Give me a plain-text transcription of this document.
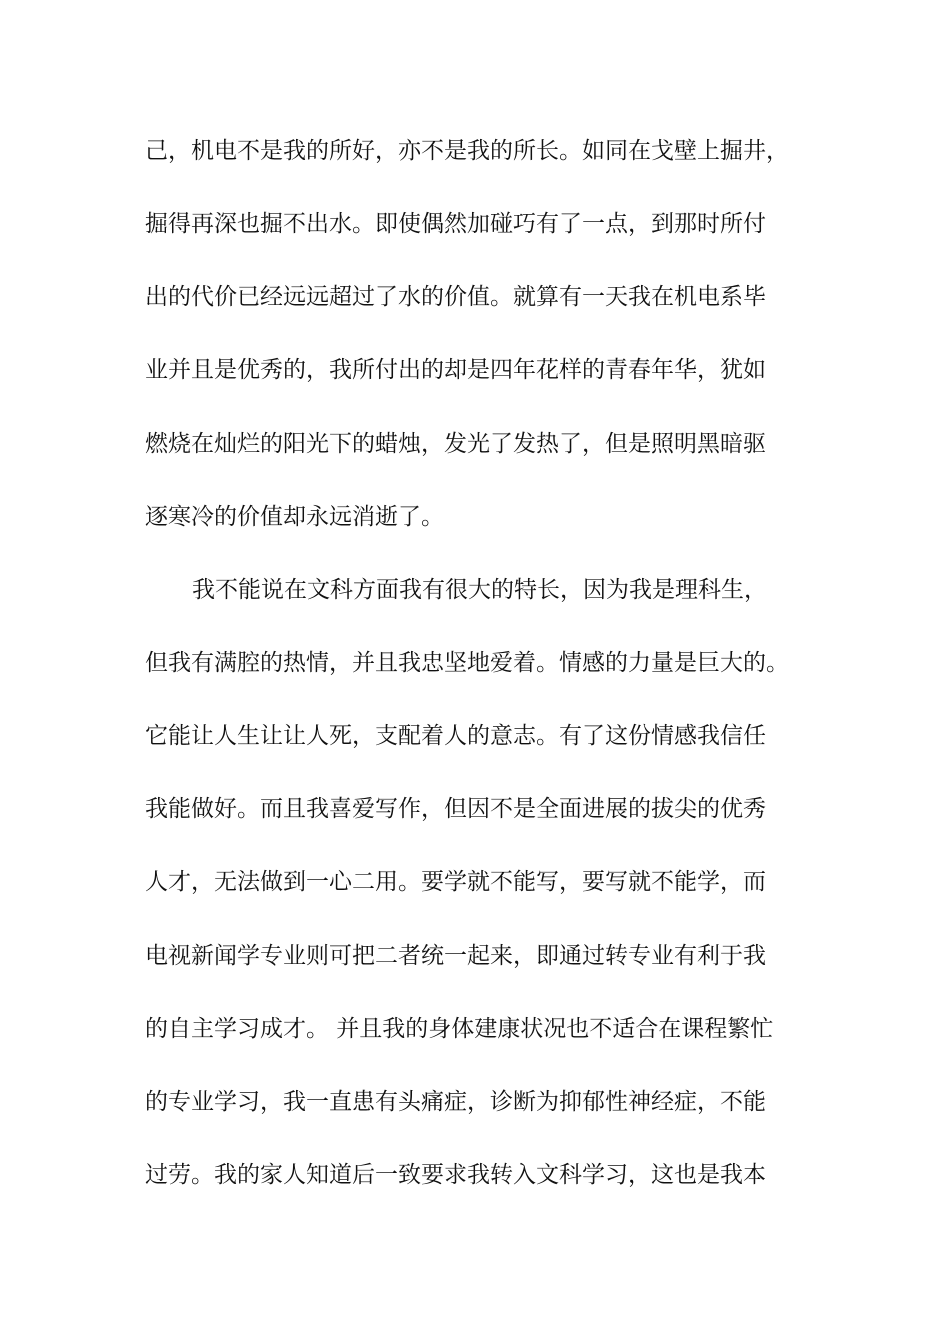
己，机电不是我的所好，亦不是我的所长。如同在戈壁上掘井，
掘得再深也掘不出水。即使偶然加碰巧有了一点，到那时所付
出的代价已经远远超过了水的价值。就算有一天我在机电系毕
业并且是优秀的，我所付出的却是四年花样的青春年华，犹如
燃烧在灿烂的阳光下的蜡烛，发光了发热了，但是照明黑暗驱
逐寒冷的价值却永远消逝了。
我不能说在文科方面我有很大的特长，因为我是理科生，
但我有满腔的热情，并且我忠坚地爱着。情感的力量是巨大的。
它能让人生让让人死，支配着人的意志。有了这份情感我信任
我能做好。而且我喜爱写作，但因不是全面进展的拔尖的优秀
人才，无法做到一心二用。要学就不能写，要写就不能学，而
电视新闻学专业则可把二者统一起来，即通过转专业有利于我
的自主学习成才。 并且我的身体建康状况也不适合在课程繁忙
的专业学习，我一直患有头痛症，诊断为抑郁性神经症，不能
过劳。我的家人知道后一致要求我转入文科学习，这也是我本
